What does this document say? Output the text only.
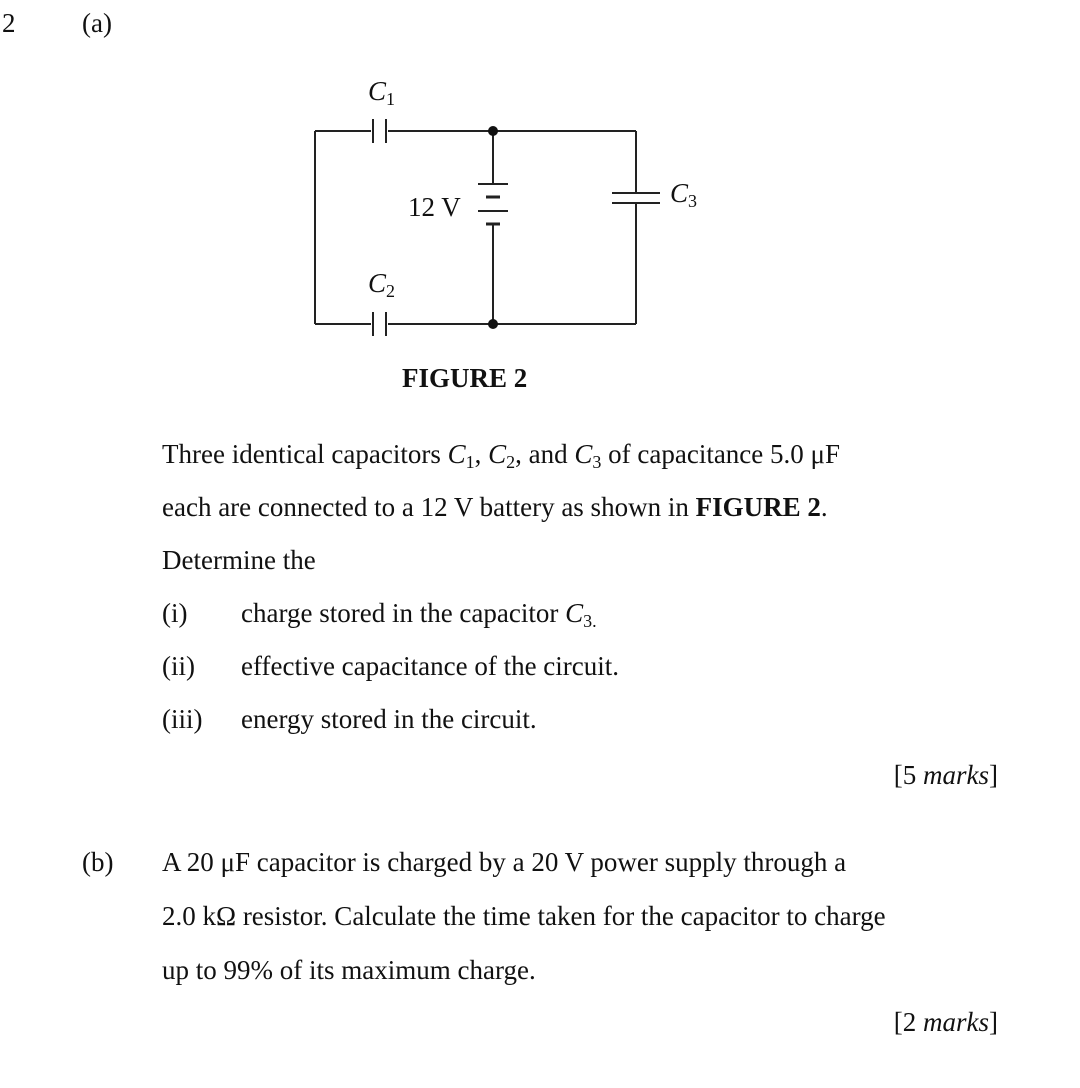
2 (a)
$C_1$
$C_2$
$C_3$
12 V
FIGURE 2
Three identical capacitors $C_1$, $C_2$, and $C_3$ of capacitance 5.0 μF
each are connected to a 12 V battery as shown in FIGURE 2.
Determine the
(i) charge stored in the capacitor $C_{3.}$
(ii) effective capacitance of the circuit.
(iii) energy stored in the circuit.
[5 marks]
(b) A 20 μF capacitor is charged by a 20 V power supply through a
2.0 kΩ resistor. Calculate the time taken for the capacitor to charge
up to 99% of its maximum charge.
[2 marks]
